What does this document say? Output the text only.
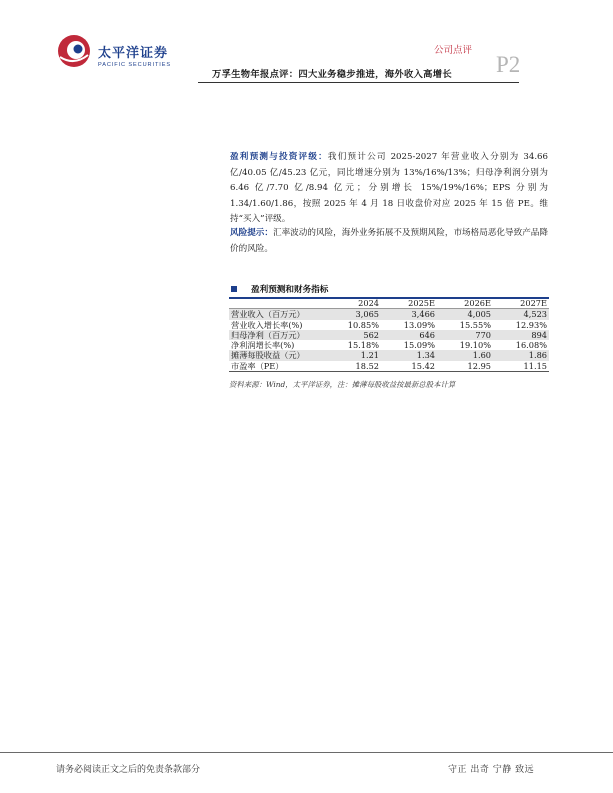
太平洋证券
PACIFIC SECURITIES
公司点评
万孚生物年报点评：四大业务稳步推进，海外收入高增长 P2
盈利预测与投资评级：我们预计公司 2025-2027 年营业收入分别为 34.66 亿/40.05 亿/45.23 亿元，同比增速分别为 13%/16%/13%；归母净利润分别为 6.46 亿/7.70 亿/8.94 亿元；分别增长 15%/19%/16%；EPS 分别为 1.34/1.60/1.86，按照 2025 年 4 月 18 日收盘价对应 2025 年 15 倍 PE。维持“买入”评级。
风险提示：汇率波动的风险，海外业务拓展不及预期风险，市场格局恶化导致产品降价的风险。
盈利预测和财务指标
	2024	2025E	2026E	2027E
营业收入（百万元）	3,065	3,466	4,005	4,523
营业收入增长率(%)	10.85%	13.09%	15.55%	12.93%
归母净利（百万元）	562	646	770	894
净利润增长率(%)	15.18%	15.09%	19.10%	16.08%
摊薄每股收益（元）	1.21	1.34	1.60	1.86
市盈率（PE）	18.52	15.42	12.95	11.15
资料来源：Wind，太平洋证券，注：摊薄每股收益按最新总股本计算
请务必阅读正文之后的免责条款部分	守正 出奇 宁静 致远
